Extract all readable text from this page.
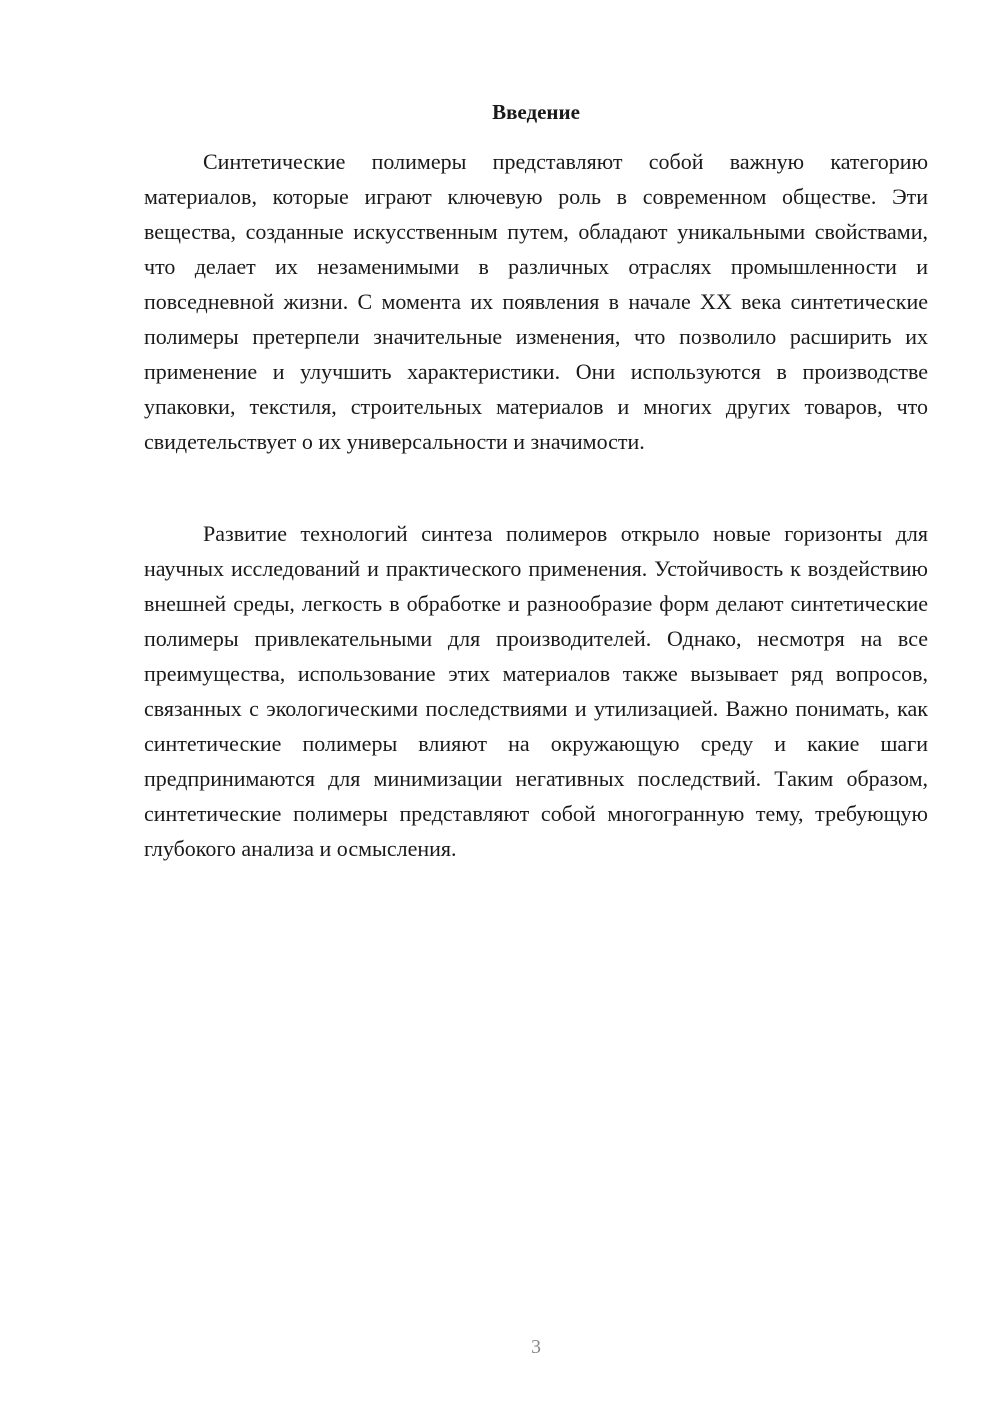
Введение

Синтетические полимеры представляют собой важную категорию материалов, которые играют ключевую роль в современном обществе. Эти вещества, созданные искусственным путем, обладают уникальными свойствами, что делает их незаменимыми в различных отраслях промышленности и повседневной жизни. С момента их появления в начале XX века синтетические полимеры претерпели значительные изменения, что позволило расширить их применение и улучшить характеристики. Они используются в производстве упаковки, текстиля, строительных материалов и многих других товаров, что свидетельствует о их универсальности и значимости.

Развитие технологий синтеза полимеров открыло новые горизонты для научных исследований и практического применения. Устойчивость к воздействию внешней среды, легкость в обработке и разнообразие форм делают синтетические полимеры привлекательными для производителей. Однако, несмотря на все преимущества, использование этих материалов также вызывает ряд вопросов, связанных с экологическими последствиями и утилизацией. Важно понимать, как синтетические полимеры влияют на окружающую среду и какие шаги предпринимаются для минимизации негативных последствий. Таким образом, синтетические полимеры представляют собой многогранную тему, требующую глубокого анализа и осмысления.

3
